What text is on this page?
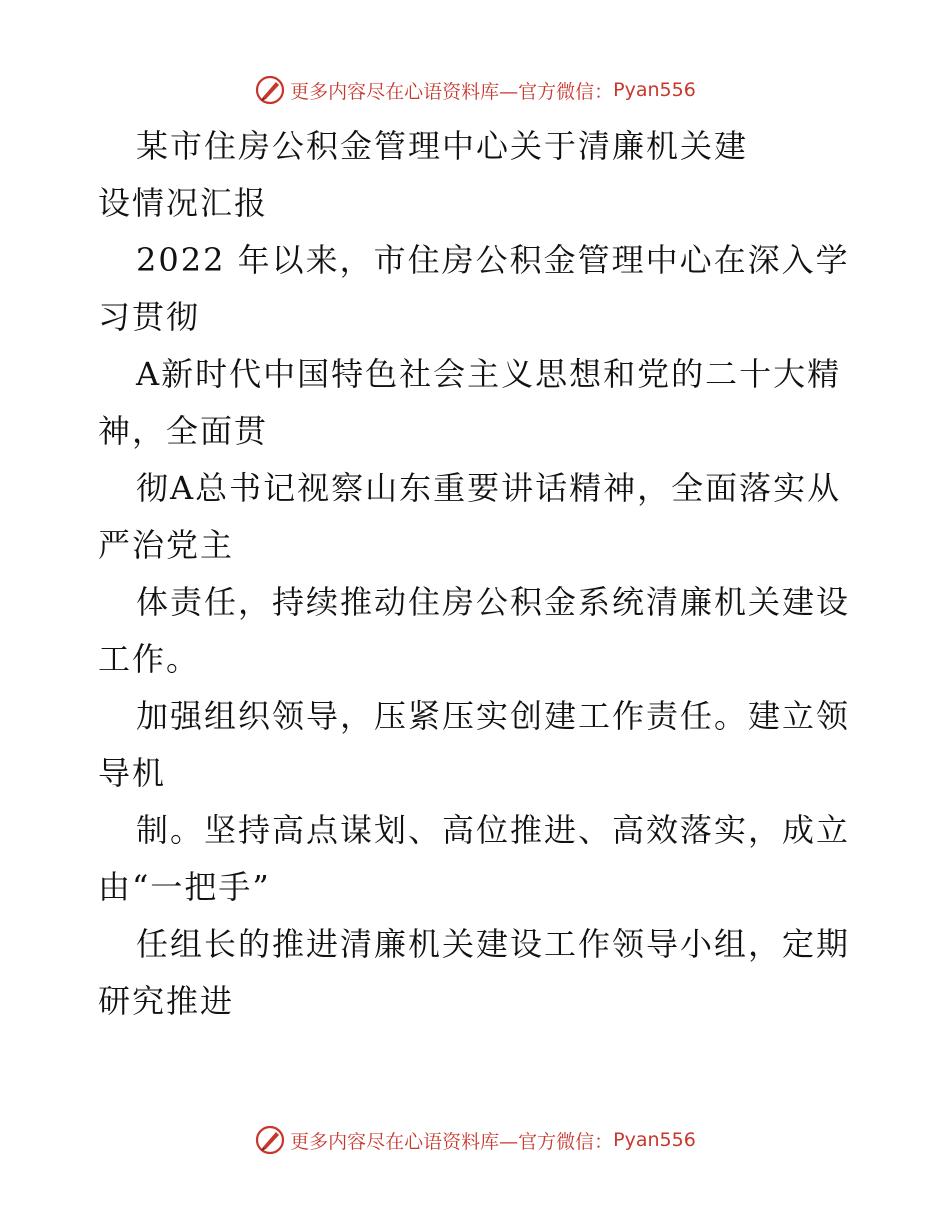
更多内容尽在心语资料库—官方微信： Pyan556
某市住房公积金管理中心关于清廉机关建
设情况汇报
2022 年以来，市住房公积金管理中心在深入学
习贯彻
A新时代中国特色社会主义思想和党的二十大精
神，全面贯
彻A总书记视察山东重要讲话精神，全面落实从
严治党主
体责任，持续推动住房公积金系统清廉机关建设
工作。
加强组织领导，压紧压实创建工作责任。建立领
导机
制。坚持高点谋划、高位推进、高效落实，成立
由“一把手”
任组长的推进清廉机关建设工作领导小组，定期
研究推进
更多内容尽在心语资料库—官方微信： Pyan556
